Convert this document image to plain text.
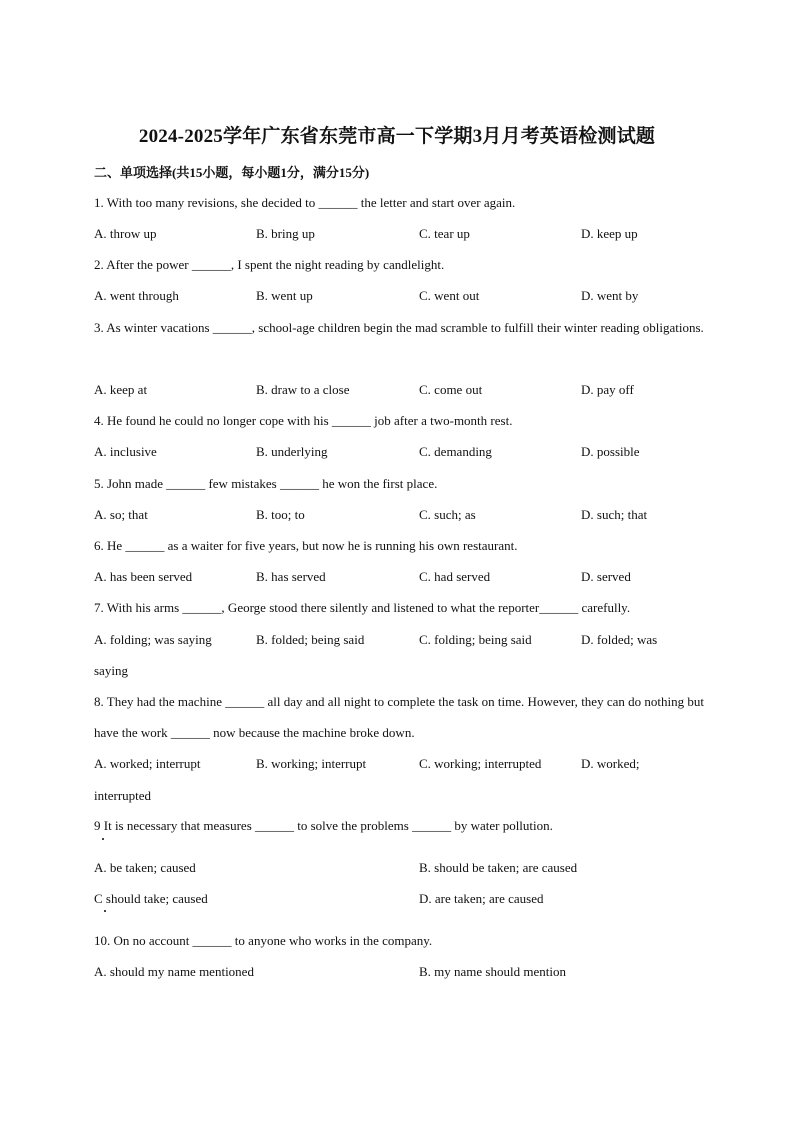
2024-2025学年广东省东莞市高一下学期3月月考英语检测试题
二、单项选择(共15小题，每小题1分，满分15分)
1. With too many revisions, she decided to ______ the letter and start over again.
A. throw up	B. bring up	C. tear up	D. keep up
2. After the power ______, I spent the night reading by candlelight.
A. went through	B. went up	C. went out	D. went by
3. As winter vacations ______, school-age children begin the mad scramble to fulfill their winter reading obligations.
A. keep at	B. draw to a close	C. come out	D. pay off
4. He found he could no longer cope with his ______ job after a two-month rest.
A. inclusive	B. underlying	C. demanding	D. possible
5. John made ______ few mistakes ______ he won the first place.
A. so; that	B. too; to	C. such; as	D. such; that
6. He ______ as a waiter for five years, but now he is running his own restaurant.
A. has been served	B. has served	C. had served	D. served
7. With his arms ______, George stood there silently and listened to what the reporter______ carefully.
A. folding; was saying	B. folded; being said	C. folding; being said	D. folded; was
saying
8. They had the machine ______ all day and all night to complete the task on time. However, they can do nothing but have the work ______ now because the machine broke down.
A. worked; interrupt	B. working; interrupt	C. working; interrupted	D. worked;
interrupted
9 It is necessary that measures ______ to solve the problems ______ by water pollution.
A. be taken; caused	B. should be taken; are caused
C should take; caused	D. are taken; are caused
10. On no account ______ to anyone who works in the company.
A. should my name mentioned	B. my name should mention
